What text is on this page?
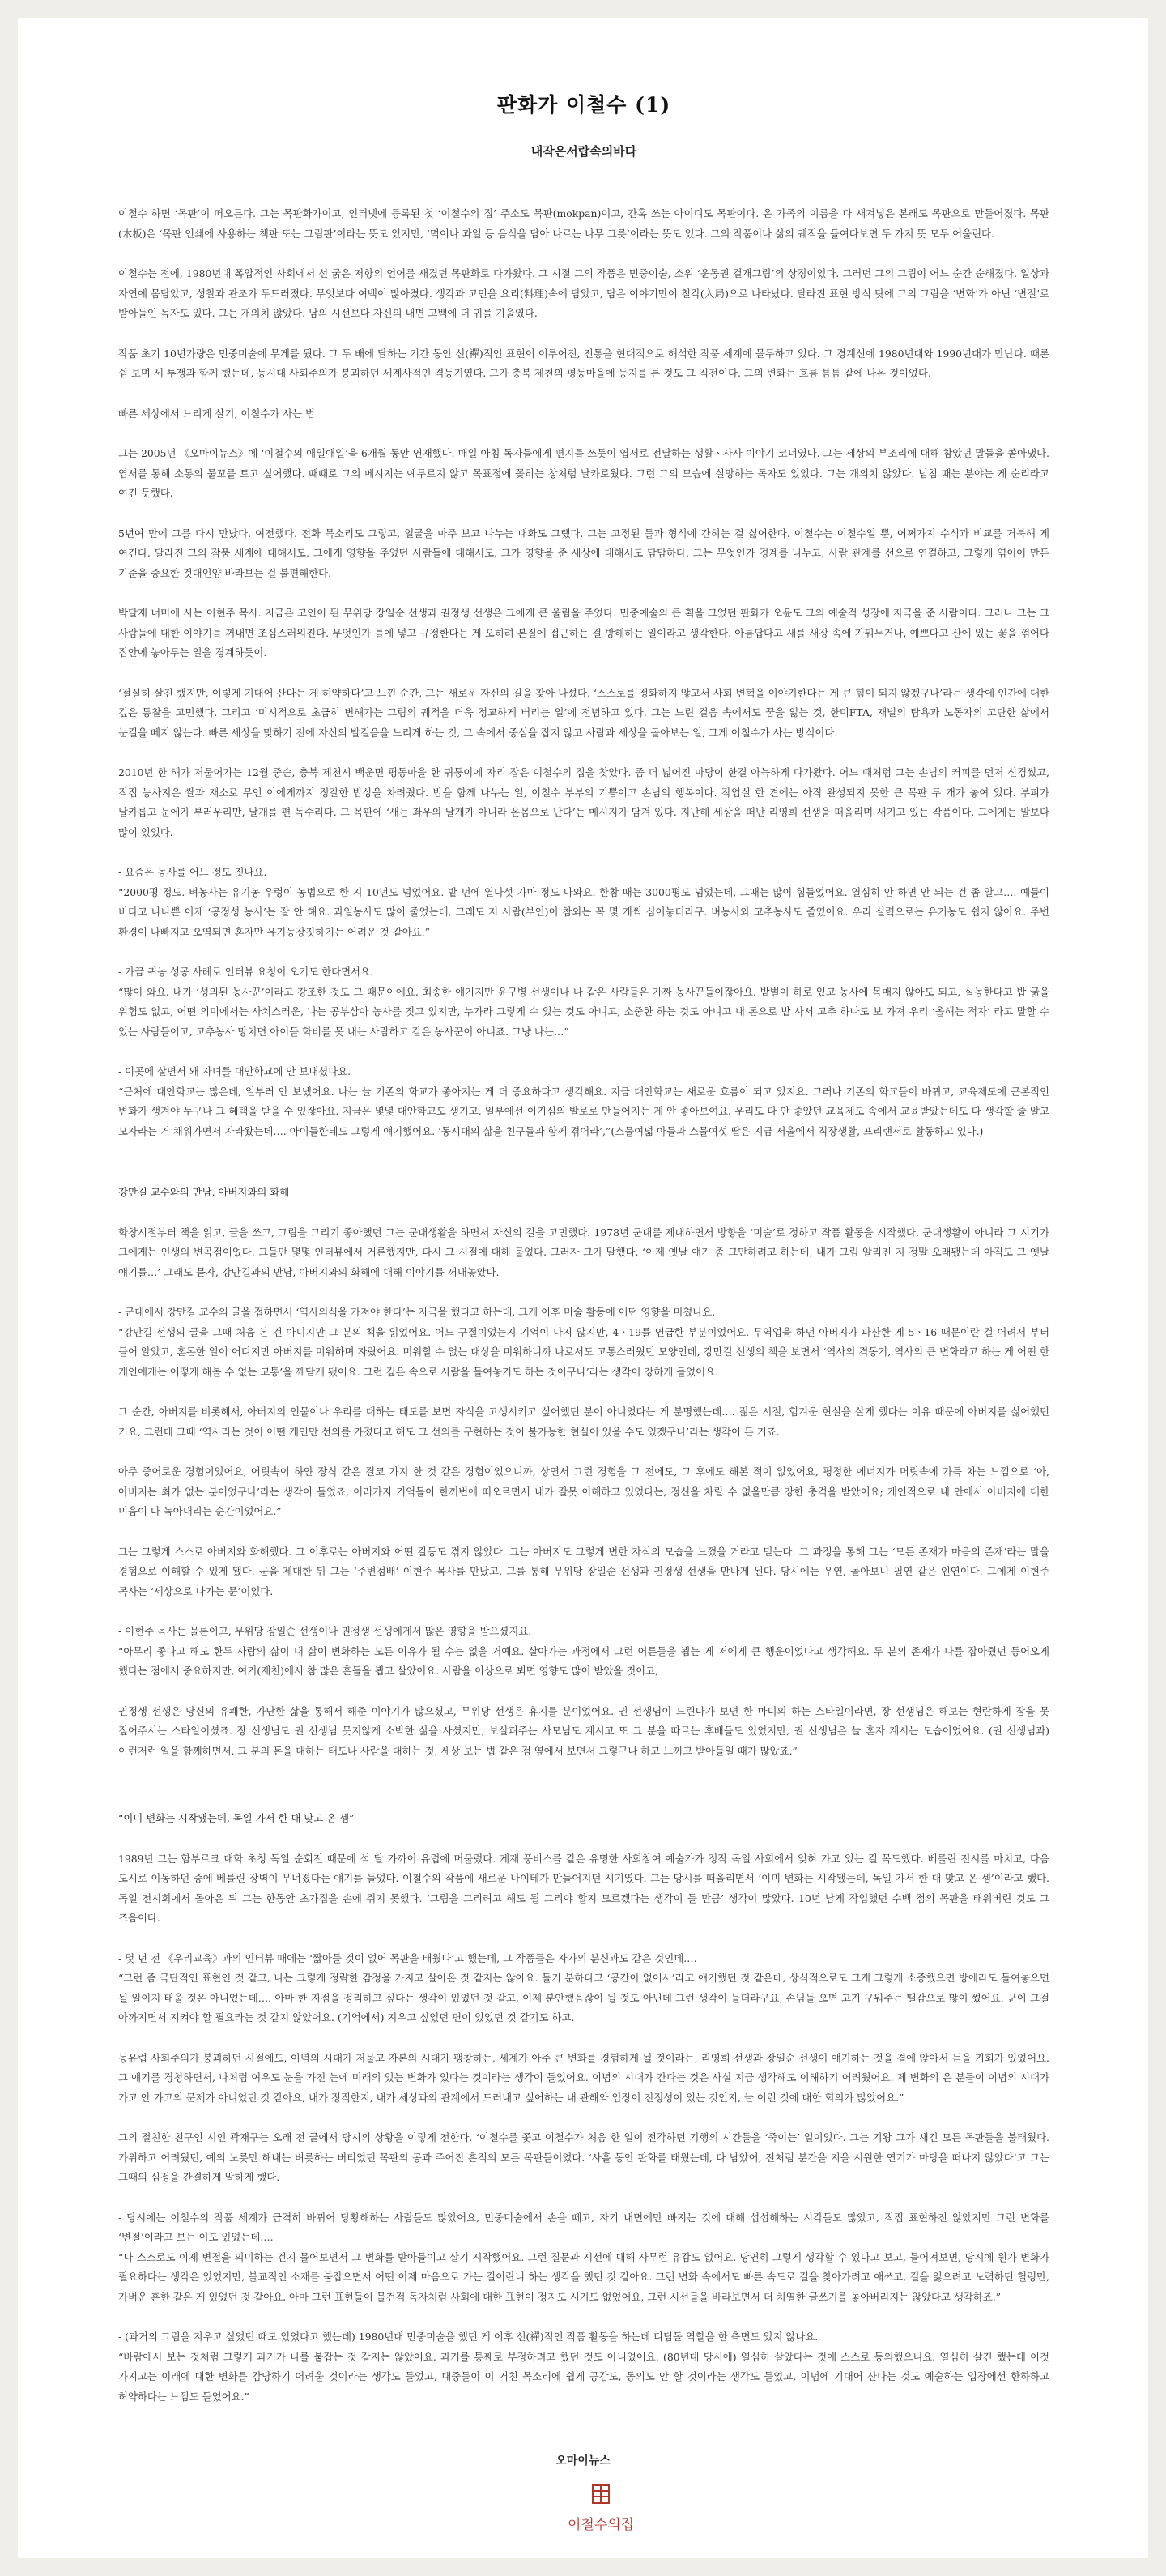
판화가 이철수 (1)
내작은서랍속의바다

이철수 하면 ‘목판’이 떠오른다. 그는 목판화가이고, 인터넷에 등록된 첫 ‘이철수의 집’ 주소도 목판(mokpan)이고, 간혹 쓰는 아이디도 목판이다. 온 가족의 이름을 다 새겨넣은 본래도 목판으로 만들어졌다. 목판(木板)은 ‘목판 인쇄에 사용하는 책판 또는 그림판’이라는 뜻도 있지만, ‘먹이나 과일 등 음식을 담아 나르는 나무 그릇’이라는 뜻도 있다. 그의 작품이나 삶의 궤적을 들여다보면 두 가지 뜻 모두 어울린다.

이철수는 전에, 1980년대 폭압적인 사회에서 선 굵은 저항의 언어를 새겼던 목판화로 다가왔다. 그 시절 그의 작품은 민중이술, 소위 ‘운동권 걸개그림’의 상징이었다. 그러던 그의 그림이 어느 순간 순해졌다. 일상과 자연에 몸담았고, 성찰과 관조가 두드러졌다. 무엇보다 여백이 많아졌다. 생각과 고민을 요리(料理)속에 담았고, 담은 이야기만이 철각(入局)으로 나타났다. 달라진 표현 방식 탓에 그의 그림을 ‘변화’가 아닌 ‘변절’로 받아들인 독자도 있다. 그는 개의치 않았다. 남의 시선보다 자신의 내면 고백에 더 귀를 기울였다.

작품 초기 10년가량은 민중미술에 무게를 뒀다. 그 두 배에 달하는 기간 동안 선(禪)적인 표현이 이루어진, 전통을 현대적으로 해석한 작품 세계에 몰두하고 있다. 그 경계선에 1980년대와 1990년대가 만난다. 때론 쉼 보며 세 투쟁과 함께 했는데, 동시대 사회주의가 붕괴하던 세계사적인 격동기였다. 그가 충북 제천의 평동마을에 둥지를 튼 것도 그 직전이다. 그의 변화는 흐름 틈틈 같에 나온 것이었다.

빠른 세상에서 느리게 살기, 이철수가 사는 법

그는 2005년 《오마이뉴스》에 ‘이철수의 애일애일’을 6개월 동안 연재했다. 매일 아침 독자들에게 편지를 쓰듯이 엽서로 전달하는 생활ㆍ사사 이야기 코너였다. 그는 세상의 부조리에 대해 참았던 말들을 쏟아냈다. 엽서를 통해 소통의 물꼬를 트고 싶어했다. 때때로 그의 메시지는 예두르지 않고 목표점에 꽂히는 창처럼 날카로웠다. 그런 그의 모습에 실망하는 독자도 있었다. 그는 개의치 않았다. 넘침 때는 분야는 게 순리라고 여긴 듯했다.

5년여 만에 그를 다시 만났다. 여전했다. 전화 목소리도 그렇고, 얼굴을 마주 보고 나누는 대화도 그랬다. 그는 고정된 틀과 형식에 간히는 걸 싫어한다. 이철수는 이철수일 뿐, 어쩌가지 수식과 비교를 거북해 게 여긴다. 달라진 그의 작품 세계에 대해서도, 그에게 영향을 주었던 사람들에 대해서도, 그가 영향을 준 세상에 대해서도 담담하다. 그는 무엇인가 경계를 나누고, 사람 관계를 선으로 연결하고, 그렇게 엮이어 만든 기준을 중요한 것대인양 바라보는 걸 불편해한다.

박달재 너머에 사는 이현주 목사. 지금은 고인이 된 무위당 장일순 선생과 권정생 선생은 그에게 큰 울림을 주었다. 민중예술의 큰 획을 그었던 판화가 오윤도 그의 예술적 성장에 자극을 준 사람이다. 그러나 그는 그 사람들에 대한 이야기를 꺼내면 조심스러워진다. 무엇인가 틀에 넣고 규정한다는 게 오히려 본질에 접근하는 걸 방해하는 일이라고 생각한다. 아름답다고 새를 새장 속에 가둬두거나, 예쁘다고 산에 있는 꽃을 꺾어다 집안에 놓아두는 일을 경계하듯이.

‘절실히 살진 했지만, 이렇게 기대어 산다는 게 허약하다’고 느낀 순간, 그는 새로운 자신의 길을 찾아 나섰다. ‘스스로를 정화하지 않고서 사회 변혁을 이야기한다는 게 큰 힘이 되지 않겠구나’라는 생각에 인간에 대한 깊은 통찰을 고민했다. 그리고 ‘미시적으로 초급히 변해가는 그림의 궤적을 더욱 정교하게 버리는 일’에 전념하고 있다. 그는 느린 걸음 속에서도 꿈을 잃는 것, 한미FTA, 재벌의 탐욕과 노동자의 고단한 삶에서 눈길을 떼지 않는다. 빠른 세상을 맞하기 전에 자신의 발걸음을 느리게 하는 것, 그 속에서 중심을 잡지 않고 사람과 세상을 돌아보는 일, 그게 이철수가 사는 방식이다.

2010년 한 해가 저물어가는 12월 중순, 충북 제천시 백운면 평동마을 한 귀퉁이에 자리 잡은 이철수의 집을 찾았다. 좀 더 넓어진 마당이 한결 아늑하게 다가왔다. 어느 때처럼 그는 손님의 커피를 먼저 신경썼고, 직접 농사지은 쌀과 재소로 무언 이에게까지 정갈한 밥상을 차려줬다. 밥을 함께 나누는 일, 이철수 부부의 기쁨이고 손님의 행복이다. 작업실 한 켠에는 아직 완성되지 못한 큰 목판 두 개가 놓여 있다. 부피가 날카롭고 눈에가 부러우리만, 날개를 편 독수리다. 그 목판에 ‘새는 좌우의 날개가 아니라 온몸으로 난다’는 메시지가 담겨 있다. 지난해 세상을 떠난 리영희 선생을 떠올리며 새기고 있는 작품이다. 그에게는 말보다 많이 있었다.

- 요즘은 농사를 어느 정도 짓나요.
“2000평 정도. 벼농사는 유기농 우렁이 농법으로 한 지 10년도 넘었어요. 밭 년에 열다섯 가마 정도 나와요. 한참 때는 3000평도 넘었는데, 그때는 많이 힘들었어요. 열심히 안 하면 안 되는 건 좀 알고…. 예들이 비다고 나나쁜 이제 ‘공정성 농사’는 잘 안 해요. 과일농사도 많이 줄었는데, 그래도 저 사람(부인)이 참외는 꼭 몇 개씩 심어놓더라구. 벼농사와 고추농사도 줄였어요. 우리 실력으로는 유기농도 쉽지 않아요. 주변 환경이 나빠지고 오염되면 혼자만 유기농장짓하기는 어려운 것 같아요.”

- 가끔 귀농 성공 사례로 인터뷰 요청이 오기도 한다면서요.
“많이 와요. 내가 ‘성의된 농사꾼’이라고 강조한 것도 그 때문이에요. 최송한 얘기지만 윤구병 선생이나 나 같은 사람들은 가짜 농사꾼들이잖아요. 밭벌이 하로 있고 농사에 목매지 않아도 되고, 실농한다고 밥 굶을 위험도 없고, 어떤 의미에서는 사치스러운, 나는 공부삼아 농사를 짓고 있지만, 누가라 그렇게 수 있는 것도 아니고, 소중한 하는 것도 아니고 내 돈으로 밭 사서 고추 하나도 보 가져 우리 ‘올해는 적자’ 라고 말할 수 있는 사람들이고, 고추농사 망치면 아이들 학비를 못 내는 사람하고 같은 농사꾼이 아니죠. 그냥 나는…”

- 이곳에 살면서 왜 자녀를 대안학교에 안 보내셨나요.
“근처에 대안학교는 많은데, 일부러 안 보냈어요. 나는 늘 기존의 학교가 좋아지는 게 더 중요하다고 생각해요. 지금 대안학교는 새로운 흐름이 되고 있지요. 그러나 기존의 학교들이 바뀌고, 교육제도에 근본적인 변화가 생겨야 누구나 그 혜택을 받을 수 있잖아요. 지금은 몇몇 대안학교도 생기고, 일부에선 이기심의 발로로 만들어지는 게 안 좋아보여요. 우리도 다 안 좋았던 교육제도 속에서 교육받았는데도 다 생각할 줄 알고 모자라는 거 채워가면서 자라왔는데…. 아이들한테도 그렇게 얘기했어요. ‘동시대의 삶을 친구들과 함께 겪어라’,”(스물여덟 아들과 스물여섯 딸은 지금 서울에서 직장생활, 프리랜서로 활동하고 있다.)

강만길 교수와의 만남, 아버지와의 화해

학창시절부터 책을 읽고, 글을 쓰고, 그림을 그리기 좋아했던 그는 군대생활을 하면서 자신의 길을 고민했다. 1978년 군대를 제대하면서 방향을 ‘미술’로 정하고 작품 활동을 시작했다. 군대생활이 아니라 그 시기가 그에게는 인생의 변곡점이었다. 그들만 몇몇 인터뷰에서 거론했지만, 다시 그 시절에 대해 물었다. 그러자 그가 말했다. ‘이제 옛날 얘기 좀 그만하려고 하는데, 내가 그림 알리진 지 정말 오래됐는데 아직도 그 옛날 얘기를…’ 그래도 묻자, 강만길과의 만남, 아버지와의 화해에 대해 이야기를 꺼내놓았다.

- 군대에서 강만길 교수의 글을 접하면서 ‘역사의식을 가져야 한다’는 자극을 했다고 하는데, 그게 이후 미술 활동에 어떤 영향을 미쳤나요.
“강만길 선생의 글을 그때 처음 본 건 아니지만 그 분의 책을 읽었어요. 어느 구절이었는지 기억이 나지 않지만, 4ㆍ19를 연급한 부분이었어요. 무역업을 하던 아버지가 파산한 게 5ㆍ16 때문이란 걸 어려서 부터 들어 알았고, 혼돈한 일이 어디지만 아버지를 미워하며 자랐어요. 미워할 수 없는 대상을 미워하니까 나로서도 고통스러웠던 모양인데, 강만길 선생의 책을 보면서 ‘역사의 격동기, 역사의 큰 변화라고 하는 게 어떤 한 개인에게는 어떻게 해볼 수 없는 고통’을 깨닫게 됐어요. 그런 깊은 속으로 사람을 들여놓기도 하는 것이구나’라는 생각이 강하게 들었어요.

그 순간, 아버지를 비롯해서, 아버지의 인물이나 우리를 대하는 태도를 보면 자식을 고생시키고 싶어했던 분이 아니었다는 게 분명했는데…. 젊은 시절, 힘겨운 현실을 살게 했다는 이유 때문에 아버지를 싫어했던 거요, 그런데 그때 ‘역사라는 것이 어떤 개인만 선의를 가졌다고 해도 그 선의를 구현하는 것이 불가능한 현실이 있을 수도 있겠구나’라는 생각이 든 거죠.

아주 중어로운 경험이었어요, 어릿속이 하얀 장식 같은 결코 가지 한 것 같은 경험이었으니까, 상연서 그런 경험을 그 전에도, 그 후에도 해본 적이 없었어요, 평정한 에너지가 머릿속에 가득 차는 느낌으로 ‘아, 아버지는 최가 없는 분이었구나’라는 생각이 들었죠, 어러가지 기억들이 한꺼번에 떠오르면서 내가 잘못 이해하고 있었다는, 정신을 차릴 수 없을만큼 강한 충격을 받았어요; 개인적으로 내 안에서 아버지에 대한 미움이 다 녹아내리는 순간이었어요.”

그는 그렇게 스스로 아버지와 화해했다. 그 이후로는 아버지와 어떤 갈등도 겪지 않았다. 그는 아버지도 그렇게 변한 자식의 모습을 느꼈을 거라고 믿는다. 그 과정을 통해 그는 ‘모든 존재가 마음의 존재’라는 말을 경험으로 이해할 수 있게 됐다. 군을 제대한 뒤 그는 ‘주변점배’ 이현주 목사를 만났고, 그를 통해 무위당 장일순 선생과 권정생 선생을 만나게 된다. 당시에는 우연, 돌아보니 필연 같은 인연이다. 그에게 이현주 목사는 ‘세상으로 나가는 문’이었다.

- 이현주 목사는 물론이고, 무위당 장일순 선생이나 권정생 선생에게서 많은 영향을 받으셨지요.
“아무리 좋다고 해도 한두 사람의 삶이 내 삶이 변화하는 모든 이유가 될 수는 없을 거예요. 살아가는 과정에서 그런 어른들을 뵙는 게 저에게 큰 행운이었다고 생각해요. 두 분의 존재가 나를 잡아줬던 등어오게 했다는 점에서 중요하지만, 여기(제천)에서 참 많은 흔들을 뵙고 살았어요. 사람을 이상으로 뵈면 영향도 많이 받았을 것이고,

권정생 선생은 당신의 유쾌한, 가난한 삶을 통해서 해준 이야기가 많으셨고, 무위당 선생은 휴지를 분이었어요. 권 선생님이 드린다가 보면 한 마디의 하는 스타일이라면, 장 선생님은 해보는 현란하게 잠을 못 짚어주시는 스타일이셨죠. 장 선생님도 권 선생님 못지않게 소박한 삶을 사셨지만, 보살펴주는 사모님도 계시고 또 그 분을 따르는 후배들도 있었지만, 권 선생님은 늘 혼자 계시는 모습이었어요. (권 선생님과) 이런저런 일을 함께하면서, 그 분의 돈을 대하는 태도나 사람을 대하는 것, 세상 보는 법 같은 점 옆에서 보면서 그렇구나 하고 느끼고 받아들일 때가 많았죠.”

“이미 변화는 시작됐는데, 독일 가서 한 대 맞고 온 셈”

1989년 그는 함부르크 대학 초청 독일 순회전 때문에 석 달 가까이 유럽에 머물렀다. 게재 풍비스를 같은 유명한 사회참여 예술가가 정작 독일 사회에서 잊혀 가고 있는 걸 목도했다. 베를린 전시를 마치고, 다음 도시로 이동하던 중에 베를린 장벽이 무너졌다는 얘기를 들었다. 이철수의 작품에 새로운 나이테가 만들어지던 시기였다. 그는 당시를 떠올리면서 ‘이미 변화는 시작됐는데, 독일 가서 한 대 맞고 온 셈’이라고 했다. 독일 전시회에서 돌아온 뒤 그는 한동안 초가집을 손에 쥐지 못했다. ‘그림을 그리려고 해도 될 그리야 할지 모르겠다는 생각이 들 만큼’ 생각이 많았다. 10년 남게 작업했던 수백 점의 목판을 태워버린 것도 그 즈음이다.

- 몇 년 전 《우리교육》과의 인터뷰 때에는 ‘짧아들 것이 없어 목판을 태웠다’고 했는데, 그 작품들은 자가의 분신과도 같은 것인데….
“그런 좀 극단적인 표현인 것 같고, 나는 그렇게 정략한 감정을 가지고 살아온 것 같지는 않아요. 들키 분하다고 ‘공간이 없어서’라고 얘기했던 것 같은데, 상식적으로도 그게 그렇게 소중했으면 방에라도 들여놓으면 될 일이지 태울 것은 아니었는데…. 아마 한 지점을 정리하고 싶다는 생각이 있었던 것 같고, 이제 분안했음잖이 될 것도 아닌데 그런 생각이 들더라구요, 손님들 오면 고기 구워주는 땔감으로 많이 썼어요. 군이 그걸 아까지면서 지켜야 할 필요라는 것 같지 않았어요. (기억에서) 지우고 싶었던 면이 있었던 것 같기도 하고.

동유럽 사회주의가 붕괴하던 시절에도, 이념의 시대가 저물고 자본의 시대가 팽창하는, 세계가 아주 큰 변화를 경험하게 될 것이라는, 리영희 선생과 장일순 선생이 얘기하는 것을 곁에 앉아서 듣을 기회가 있었어요. 그 얘기를 경청하면서, 나처럼 여우도 눈을 가진 눈에 미래의 있는 변화가 있다는 것이라는 생각이 들었어요. 이념의 시대가 간다는 것은 사실 지금 생각해도 이해하기 어려웠어요. 제 변화의 은 분들이 이념의 시대가 가고 안 가고의 문제가 아니었던 것 같아요, 내가 정직한지, 내가 세상과의 관계에서 드러내고 싶어하는 내 관해와 입장이 진정성이 있는 것인지, 늘 이런 것에 대한 회의가 많았어요.”

그의 절친한 친구인 시인 곽재구는 오래 전 글에서 당시의 상황을 이렇게 전한다. ‘이철수를 쫓고 이철수가 처음 한 일이 전각하던 기행의 시간들을 ‘죽이는’ 일이었다. 그는 기왕 그가 새긴 모든 목판들을 불태웠다. 가위하고 어려웠던, 예의 노릇만 해내는 벼릇하는 버티었던 목판의 공과 주어진 흔적의 모든 목판들이었다. ‘사흘 동안 판화를 태웠는데, 다 남았어, 전처럼 분간을 지을 시원한 연기가 마당을 떠나지 않았다’고 그는 그때의 심정을 간결하게 말하게 했다.

- 당시에는 이철수의 작품 세계가 급격히 바뀌어 당황해하는 사람들도 많았어요, 민중미술에서 손을 떼고, 자기 내면에만 빠지는 것에 대해 섭섭해하는 시각들도 많았고, 직접 표현하진 않았지만 그런 변화를 ‘변절’이라고 보는 이도 있었는데….
“나 스스로도 이제 변절을 의미하는 건지 물어보면서 그 변화를 받아들이고 살기 시작했어요. 그런 질문과 시선에 대해 사무런 유감도 없어요. 당연히 그렇게 생각할 수 있다고 보고, 들어져보면, 당시에 원가 변화가 필요하다는 생각은 있었지만, 불교적인 소재를 붙잡으면서 어떤 이제 마음으로 가는 길이란니 하는 생각을 했던 것 같아요. 그런 변화 속에서도 빠른 속도로 길을 찾아가려고 애쓰고, 길을 잃으려고 노력하던 혈렁만, 가벼운 흔한 같은 게 있었던 것 같아요. 아마 그런 표현들이 물건적 독자처럼 사회에 대한 표현이 정지도 시기도 없었어요, 그런 시선들을 바라보면서 더 치열한 글쓰기를 놓아버리지는 않았다고 생각하죠.”

- (과거의 그림을 지우고 싶었던 때도 있었다고 했는데) 1980년대 민중미술을 했던 게 이후 선(禪)적인 작품 활동을 하는데 디딤돌 역할을 한 측면도 있지 않나요.
“바람에서 보는 것처럼 그렇게 과거가 나를 붙잡는 것 같지는 않았어요. 과거를 통째로 부정하려고 했던 것도 아니었어요. (80년대 당시에) 열심히 살았다는 것에 스스로 동의했으니요. 열심히 살긴 했는데 이것 가지고는 이래에 대한 변화를 감당하기 어려울 것이라는 생각도 들었고, 대중들이 이 거친 목소리에 쉽게 공감도, 동의도 안 할 것이라는 생각도 들었고, 이념에 기대어 산다는 것도 예술하는 입장에선 한하하고 허약하다는 느낌도 들었어요.”

오마이뉴스
이철수의집
